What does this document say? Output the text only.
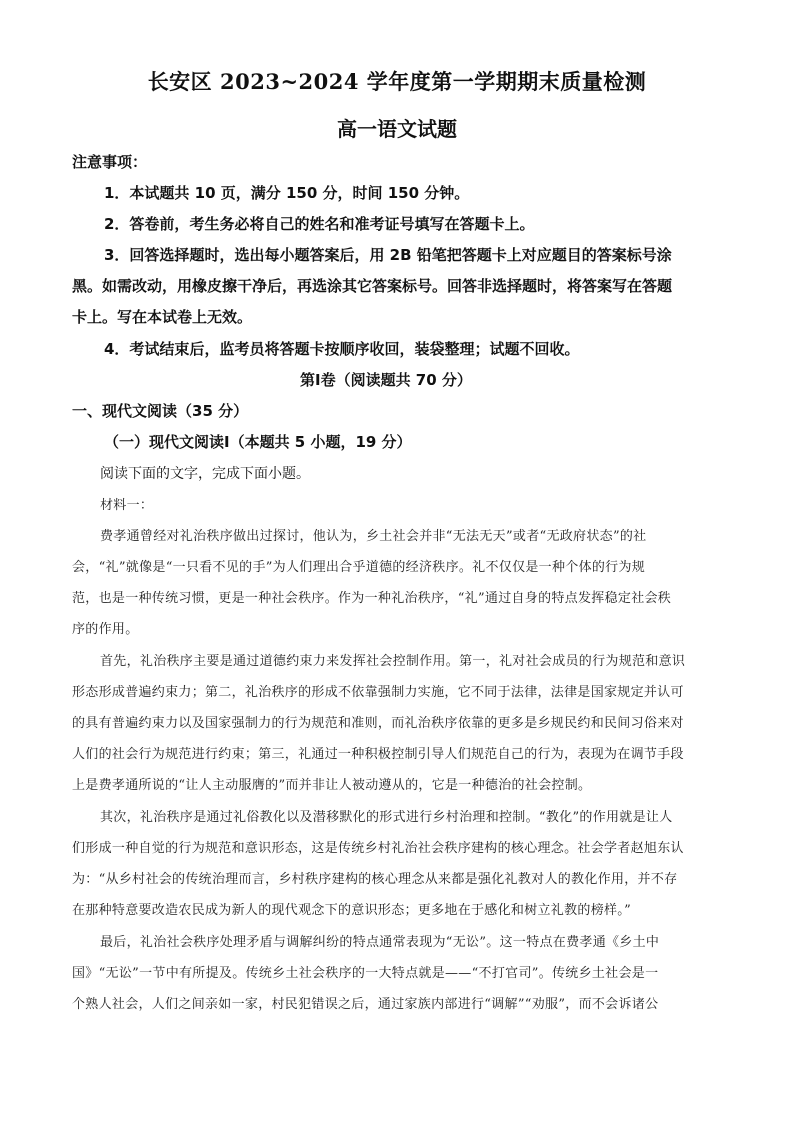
长安区 2023~2024 学年度第一学期期末质量检测
高一语文试题
注意事项：
1．本试题共 10 页，满分 150 分，时间 150 分钟。
2．答卷前，考生务必将自己的姓名和准考证号填写在答题卡上。
3．回答选择题时，选出每小题答案后，用 2B 铅笔把答题卡上对应题目的答案标号涂
黑。如需改动，用橡皮擦干净后，再选涂其它答案标号。回答非选择题时，将答案写在答题
卡上。写在本试卷上无效。
4．考试结束后，监考员将答题卡按顺序收回，装袋整理；试题不回收。
第Ⅰ卷（阅读题共 70 分）
一、现代文阅读（35 分）
（一）现代文阅读Ⅰ（本题共 5 小题，19 分）
阅读下面的文字，完成下面小题。
材料一：
费孝通曾经对礼治秩序做出过探讨，他认为，乡土社会并非“无法无天”或者“无政府状态”的社
会，“礼”就像是“一只看不见的手”为人们理出合乎道德的经济秩序。礼不仅仅是一种个体的行为规
范，也是一种传统习惯，更是一种社会秩序。作为一种礼治秩序，“礼”通过自身的特点发挥稳定社会秩
序的作用。
首先，礼治秩序主要是通过道德约束力来发挥社会控制作用。第一，礼对社会成员的行为规范和意识
形态形成普遍约束力；第二，礼治秩序的形成不依靠强制力实施，它不同于法律，法律是国家规定并认可
的具有普遍约束力以及国家强制力的行为规范和准则，而礼治秩序依靠的更多是乡规民约和民间习俗来对
人们的社会行为规范进行约束；第三，礼通过一种积极控制引导人们规范自己的行为，表现为在调节手段
上是费孝通所说的“让人主动服膺的”而并非让人被动遵从的，它是一种德治的社会控制。
其次，礼治秩序是通过礼俗教化以及潜移默化的形式进行乡村治理和控制。“教化”的作用就是让人
们形成一种自觉的行为规范和意识形态，这是传统乡村礼治社会秩序建构的核心理念。社会学者赵旭东认
为：“从乡村社会的传统治理而言，乡村秩序建构的核心理念从来都是强化礼教对人的教化作用，并不存
在那种特意要改造农民成为新人的现代观念下的意识形态；更多地在于感化和树立礼教的榜样。”
最后，礼治社会秩序处理矛盾与调解纠纷的特点通常表现为“无讼”。这一特点在费孝通《乡土中
国》“无讼”一节中有所提及。传统乡土社会秩序的一大特点就是——“不打官司”。传统乡土社会是一
个熟人社会，人们之间亲如一家，村民犯错误之后，通过家族内部进行“调解”“劝服”，而不会诉诸公
